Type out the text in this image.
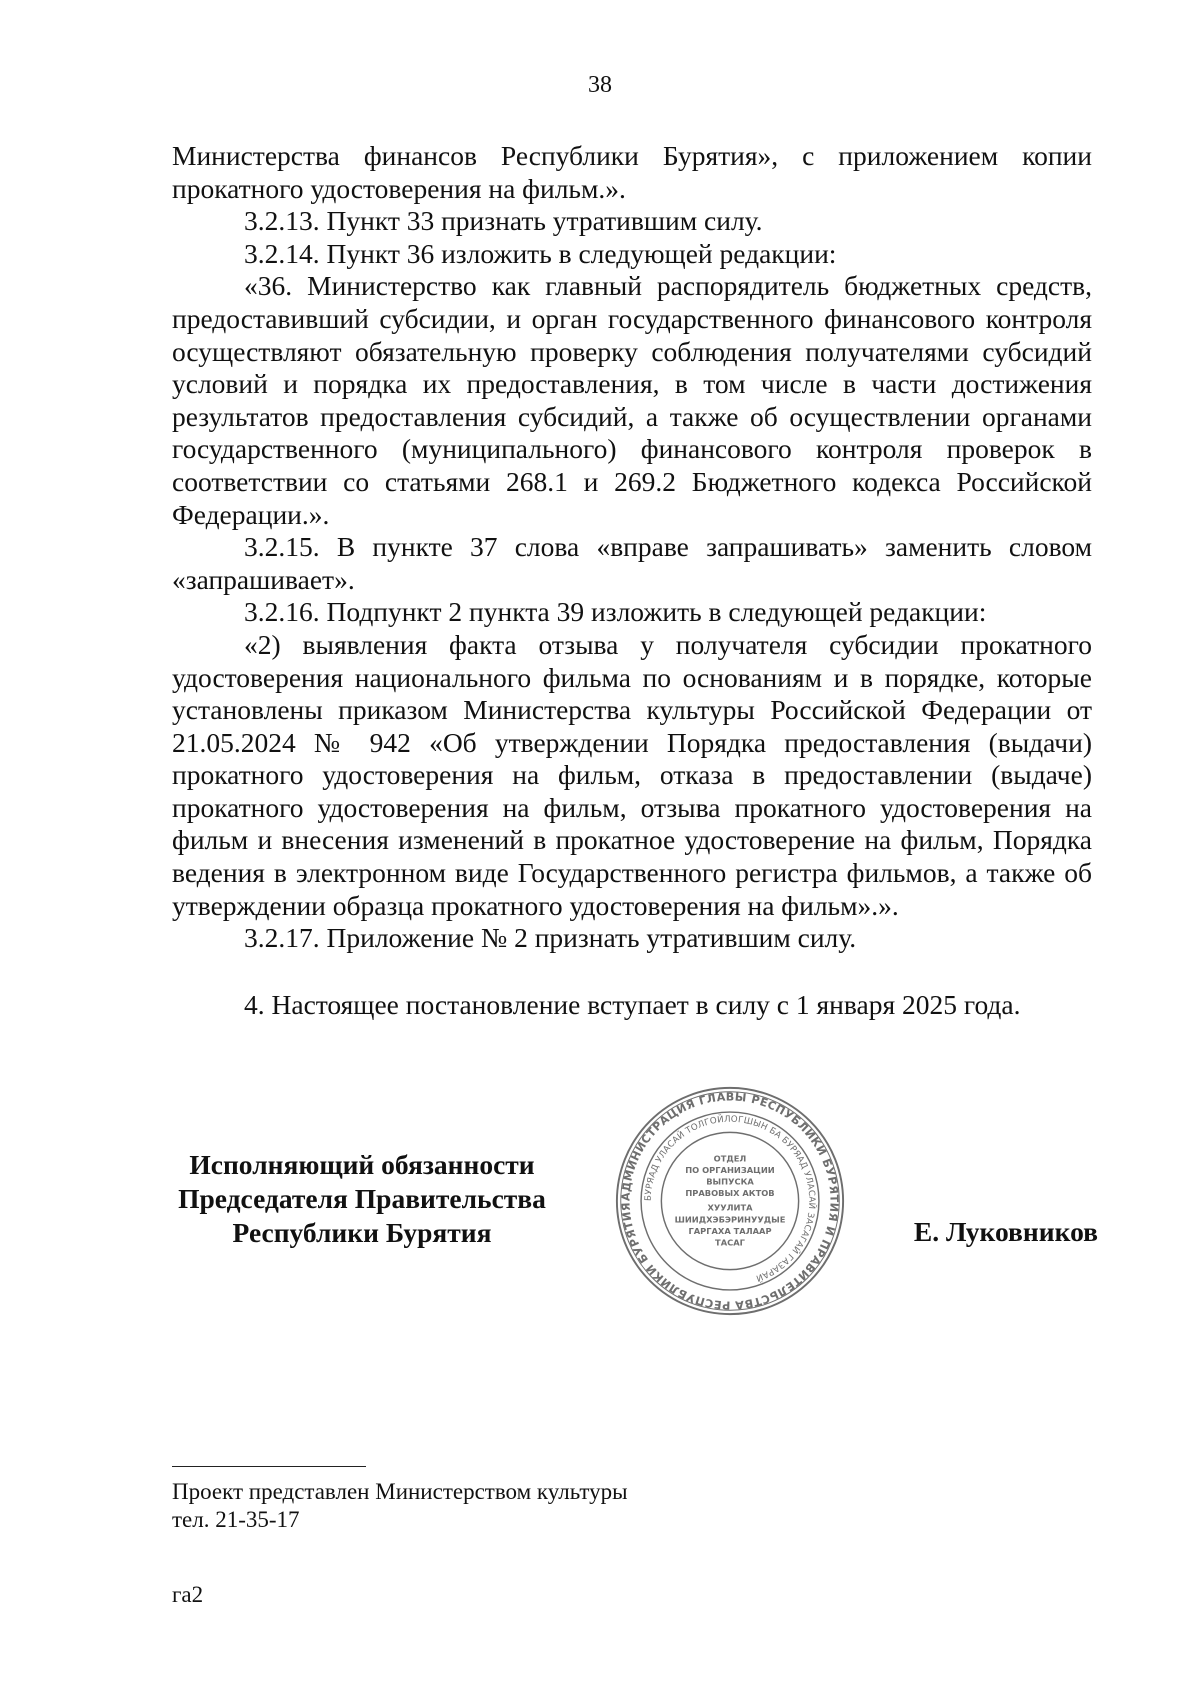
38

Министерства финансов Республики Бурятия», с приложением копии прокатного удостоверения на фильм.».

3.2.13. Пункт 33 признать утратившим силу.

3.2.14. Пункт 36 изложить в следующей редакции:

«36. Министерство как главный распорядитель бюджетных средств, предоставивший субсидии, и орган государственного финансового контроля осуществляют обязательную проверку соблюдения получателями субсидий условий и порядка их предоставления, в том числе в части достижения результатов предоставления субсидий, а также об осуществлении органами государственного (муниципального) финансового контроля проверок в соответствии со статьями 268.1 и 269.2 Бюджетного кодекса Российской Федерации.».

3.2.15. В пункте 37 слова «вправе запрашивать» заменить словом «запрашивает».

3.2.16. Подпункт 2 пункта 39 изложить в следующей редакции:

«2) выявления факта отзыва у получателя субсидии прокатного удостоверения национального фильма по основаниям и в порядке, которые установлены приказом Министерства культуры Российской Федерации от 21.05.2024 № 942 «Об утверждении Порядка предоставления (выдачи) прокатного удостоверения на фильм, отказа в предоставлении (выдаче) прокатного удостоверения на фильм, отзыва прокатного удостоверения на фильм и внесения изменений в прокатное удостоверение на фильм, Порядка ведения в электронном виде Государственного регистра фильмов, а также об утверждении образца прокатного удостоверения на фильм».».

3.2.17. Приложение № 2 признать утратившим силу.

4. Настоящее постановление вступает в силу с 1 января 2025 года.

Исполняющий обязанности
Председателя Правительства
Республики Бурятия
АДМИНИСТРАЦИЯ ГЛАВЫ РЕСПУБЛИКИ БУРЯТИЯ И ПРАВИТЕЛЬСТВА РЕСПУБЛИКИ БУРЯТИЯ
БУРЯАД УЛАСАЙ ТОЛГОЙЛОГШЫН БА БУРЯАД УЛАСАЙ ЗАСАГАЙ ГАЗАРАЙ
ОТДЕЛ
ПО ОРГАНИЗАЦИИ
ВЫПУСКА
ПРАВОВЫХ АКТОВ
ХУУЛИТА
ШИИДХЭБЭРИНУУДЫЕ
ГАРГАХА ТАЛААР
ТАСАГ	Е. Луковников
Проект представлен Министерством культуры
тел. 21-35-17
га2
